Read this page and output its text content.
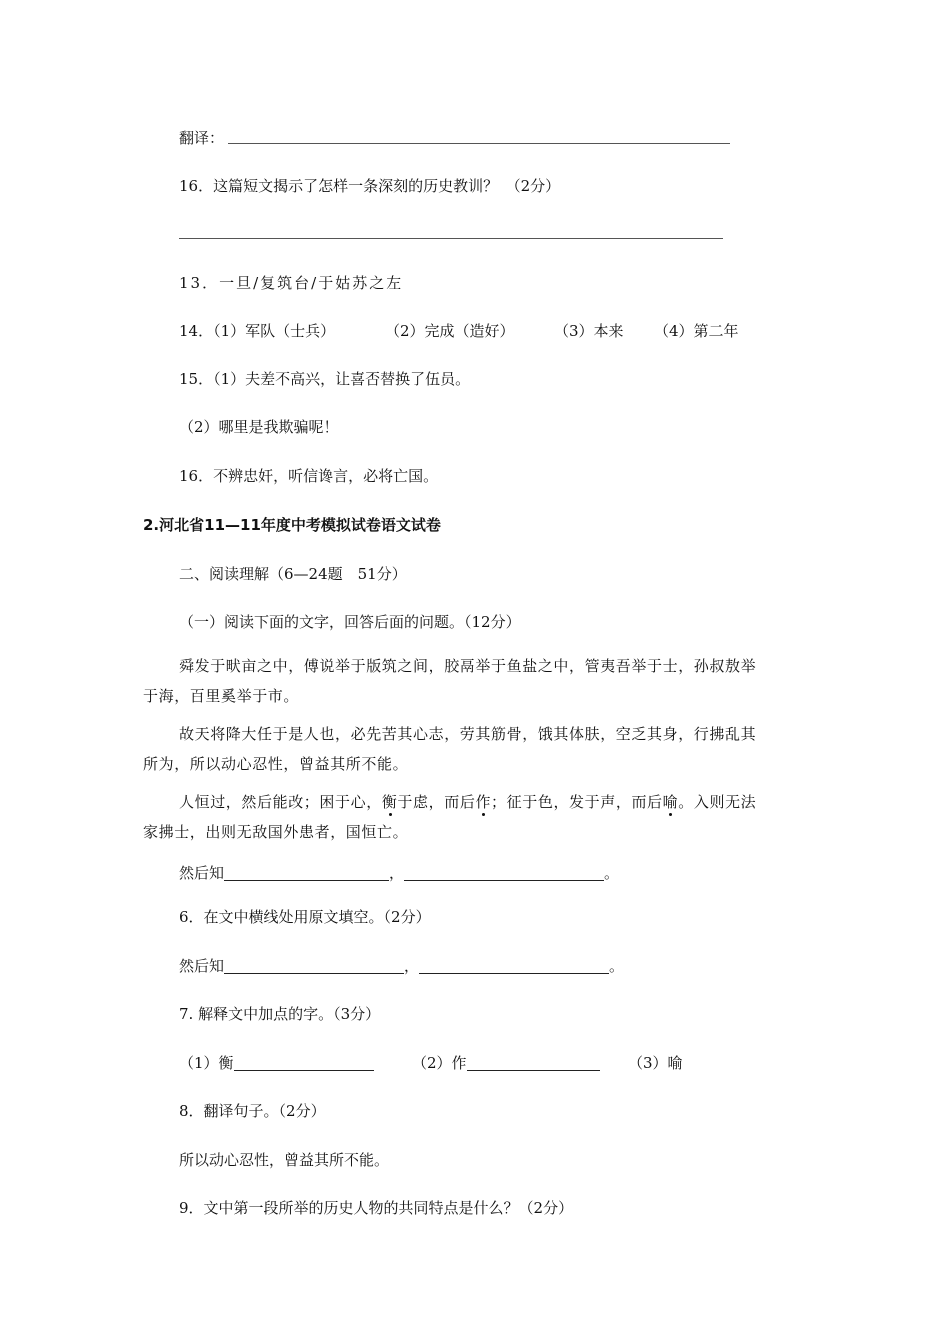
翻译：
16．这篇短文揭示了怎样一条深刻的历史教训？　（2分）
13．一旦/复筑台/于姑苏之左
14．（1）军队（士兵）	（2）完成（造好）	（3）本来 （4）第二年
15．（1）夫差不高兴，让喜否替换了伍员。
（2）哪里是我欺骗呢！
16．不辨忠奸，听信谗言，必将亡国。
2.河北省11—11年度中考模拟试卷语文试卷
二、阅读理解（6—24题　51分）
（一）阅读下面的文字，回答后面的问题。（12分）
舜发于畎亩之中，傅说举于版筑之间，胶鬲举于鱼盐之中，管夷吾举于士，孙叔敖举
于海，百里奚举于市。
故天将降大任于是人也，必先苦其心志，劳其筋骨，饿其体肤，空乏其身，行拂乱其
所为，所以动心忍性，曾益其所不能。
人恒过，然后能改；困于心，衡于虑，而后作；征于色，发于声，而后喻。入则无法
家拂士，出则无敌国外患者，国恒亡。
然后知	，	。
6．在文中横线处用原文填空。（2分）
然后知	，	。
7. 解释文中加点的字。（3分）
（1）衡	（2）作	（3）喻
8．翻译句子。（2分）
所以动心忍性，曾益其所不能。
9．文中第一段所举的历史人物的共同特点是什么？（2分）
